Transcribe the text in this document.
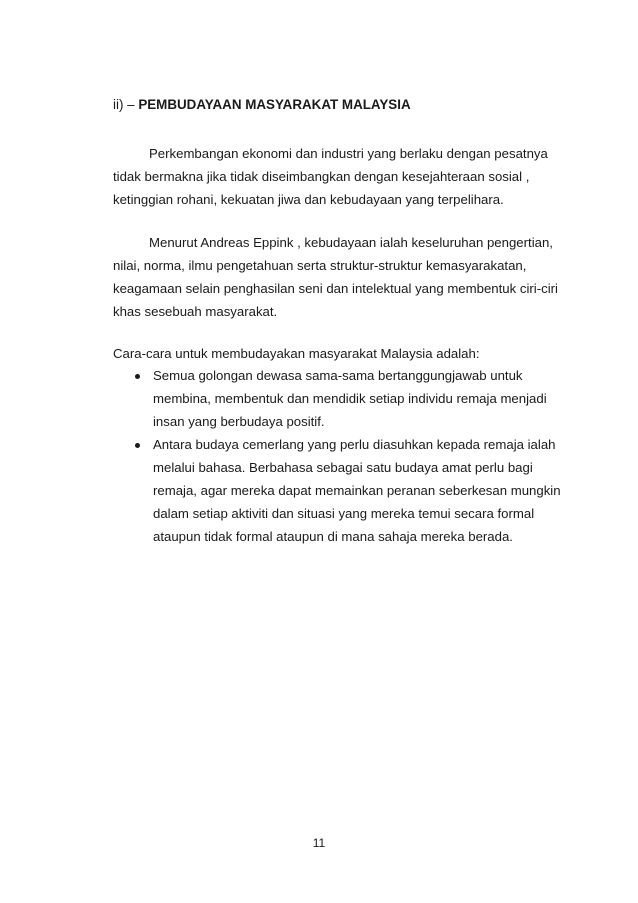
ii) – PEMBUDAYAAN MASYARAKAT MALAYSIA
Perkembangan ekonomi dan industri yang berlaku dengan pesatnya
tidak bermakna jika tidak diseimbangkan dengan kesejahteraan sosial ,
ketinggian rohani, kekuatan jiwa dan kebudayaan yang terpelihara.
Menurut Andreas Eppink , kebudayaan ialah keseluruhan pengertian,
nilai, norma, ilmu pengetahuan serta struktur-struktur kemasyarakatan,
keagamaan selain penghasilan seni dan intelektual yang membentuk ciri-ciri
khas sesebuah masyarakat.
Cara-cara untuk membudayakan masyarakat Malaysia adalah:
Semua golongan dewasa sama-sama bertanggungjawab untuk
membina, membentuk dan mendidik setiap individu remaja menjadi
insan yang berbudaya positif.
Antara budaya cemerlang yang perlu diasuhkan kepada remaja ialah
melalui bahasa. Berbahasa sebagai satu budaya amat perlu bagi
remaja, agar mereka dapat memainkan peranan seberkesan mungkin
dalam setiap aktiviti dan situasi yang mereka temui secara formal
ataupun tidak formal ataupun di mana sahaja mereka berada.
11
